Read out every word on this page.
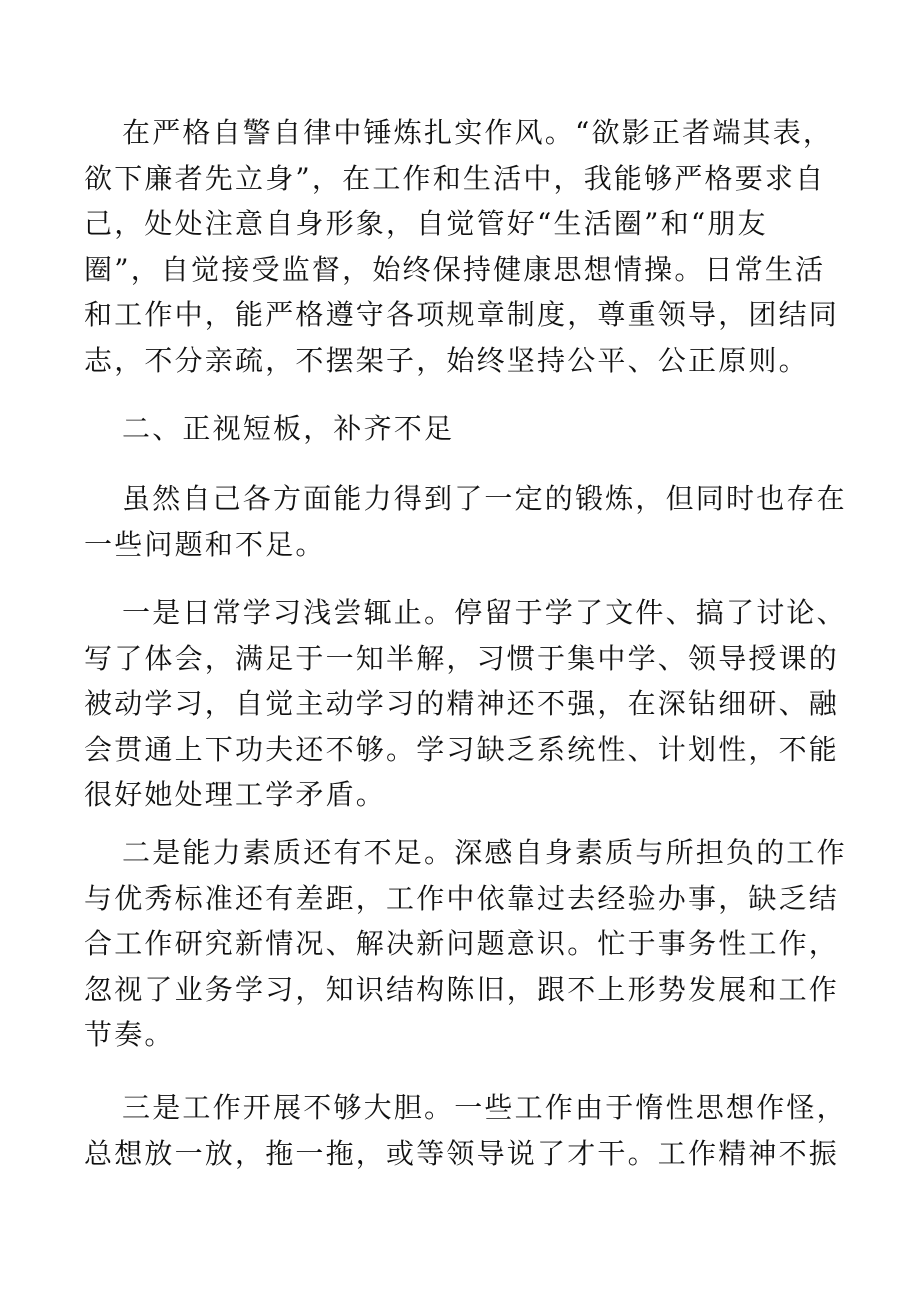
在严格自警自律中锤炼扎实作风。“欲影正者端其表，
欲下廉者先立身”，在工作和生活中，我能够严格要求自
己，处处注意自身形象，自觉管好“生活圈”和“朋友
圈”，自觉接受监督，始终保持健康思想情操。日常生活
和工作中，能严格遵守各项规章制度，尊重领导，团结同
志，不分亲疏，不摆架子，始终坚持公平、公正原则。

二、正视短板，补齐不足

虽然自己各方面能力得到了一定的锻炼，但同时也存在
一些问题和不足。

一是日常学习浅尝辄止。停留于学了文件、搞了讨论、
写了体会，满足于一知半解，习惯于集中学、领导授课的
被动学习，自觉主动学习的精神还不强，在深钻细研、融
会贯通上下功夫还不够。学习缺乏系统性、计划性，不能
很好她处理工学矛盾。

二是能力素质还有不足。深感自身素质与所担负的工作
与优秀标准还有差距，工作中依靠过去经验办事，缺乏结
合工作研究新情况、解决新问题意识。忙于事务性工作，
忽视了业务学习，知识结构陈旧，跟不上形势发展和工作
节奏。

三是工作开展不够大胆。一些工作由于惰性思想作怪，
总想放一放，拖一拖，或等领导说了才干。工作精神不振
